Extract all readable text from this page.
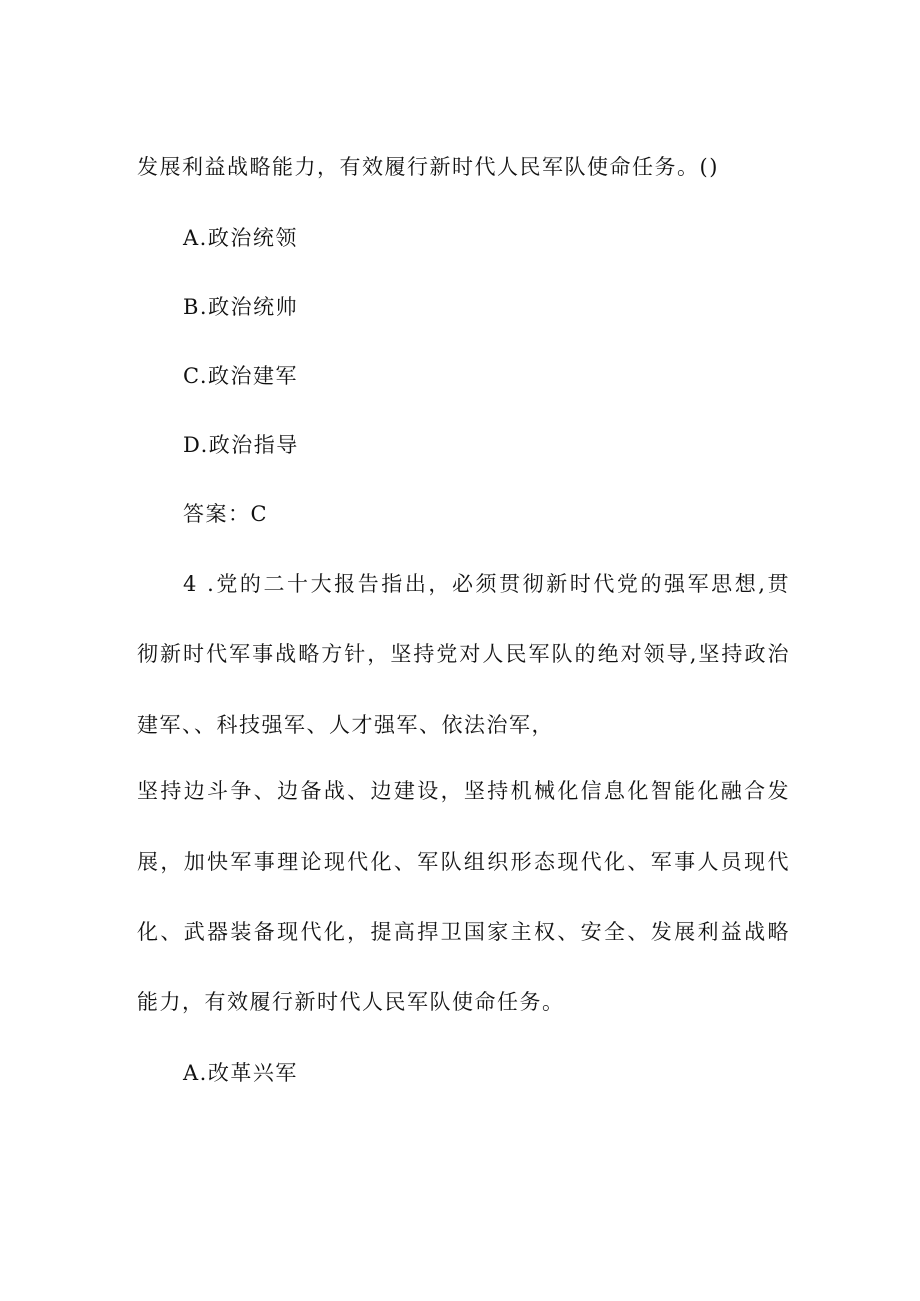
发展利益战略能力，有效履行新时代人民军队使命任务。()
A.政治统领
B.政治统帅
C.政治建军
D.政治指导
答案：C
4 .党的二十大报告指出，必须贯彻新时代党的强军思想,贯
彻新时代军事战略方针，坚持党对人民军队的绝对领导,坚持政治
建军、、科技强军、人才强军、依法治军，
坚持边斗争、边备战、边建设，坚持机械化信息化智能化融合发
展，加快军事理论现代化、军队组织形态现代化、军事人员现代
化、武器装备现代化，提高捍卫国家主权、安全、发展利益战略
能力，有效履行新时代人民军队使命任务。
A.改革兴军
